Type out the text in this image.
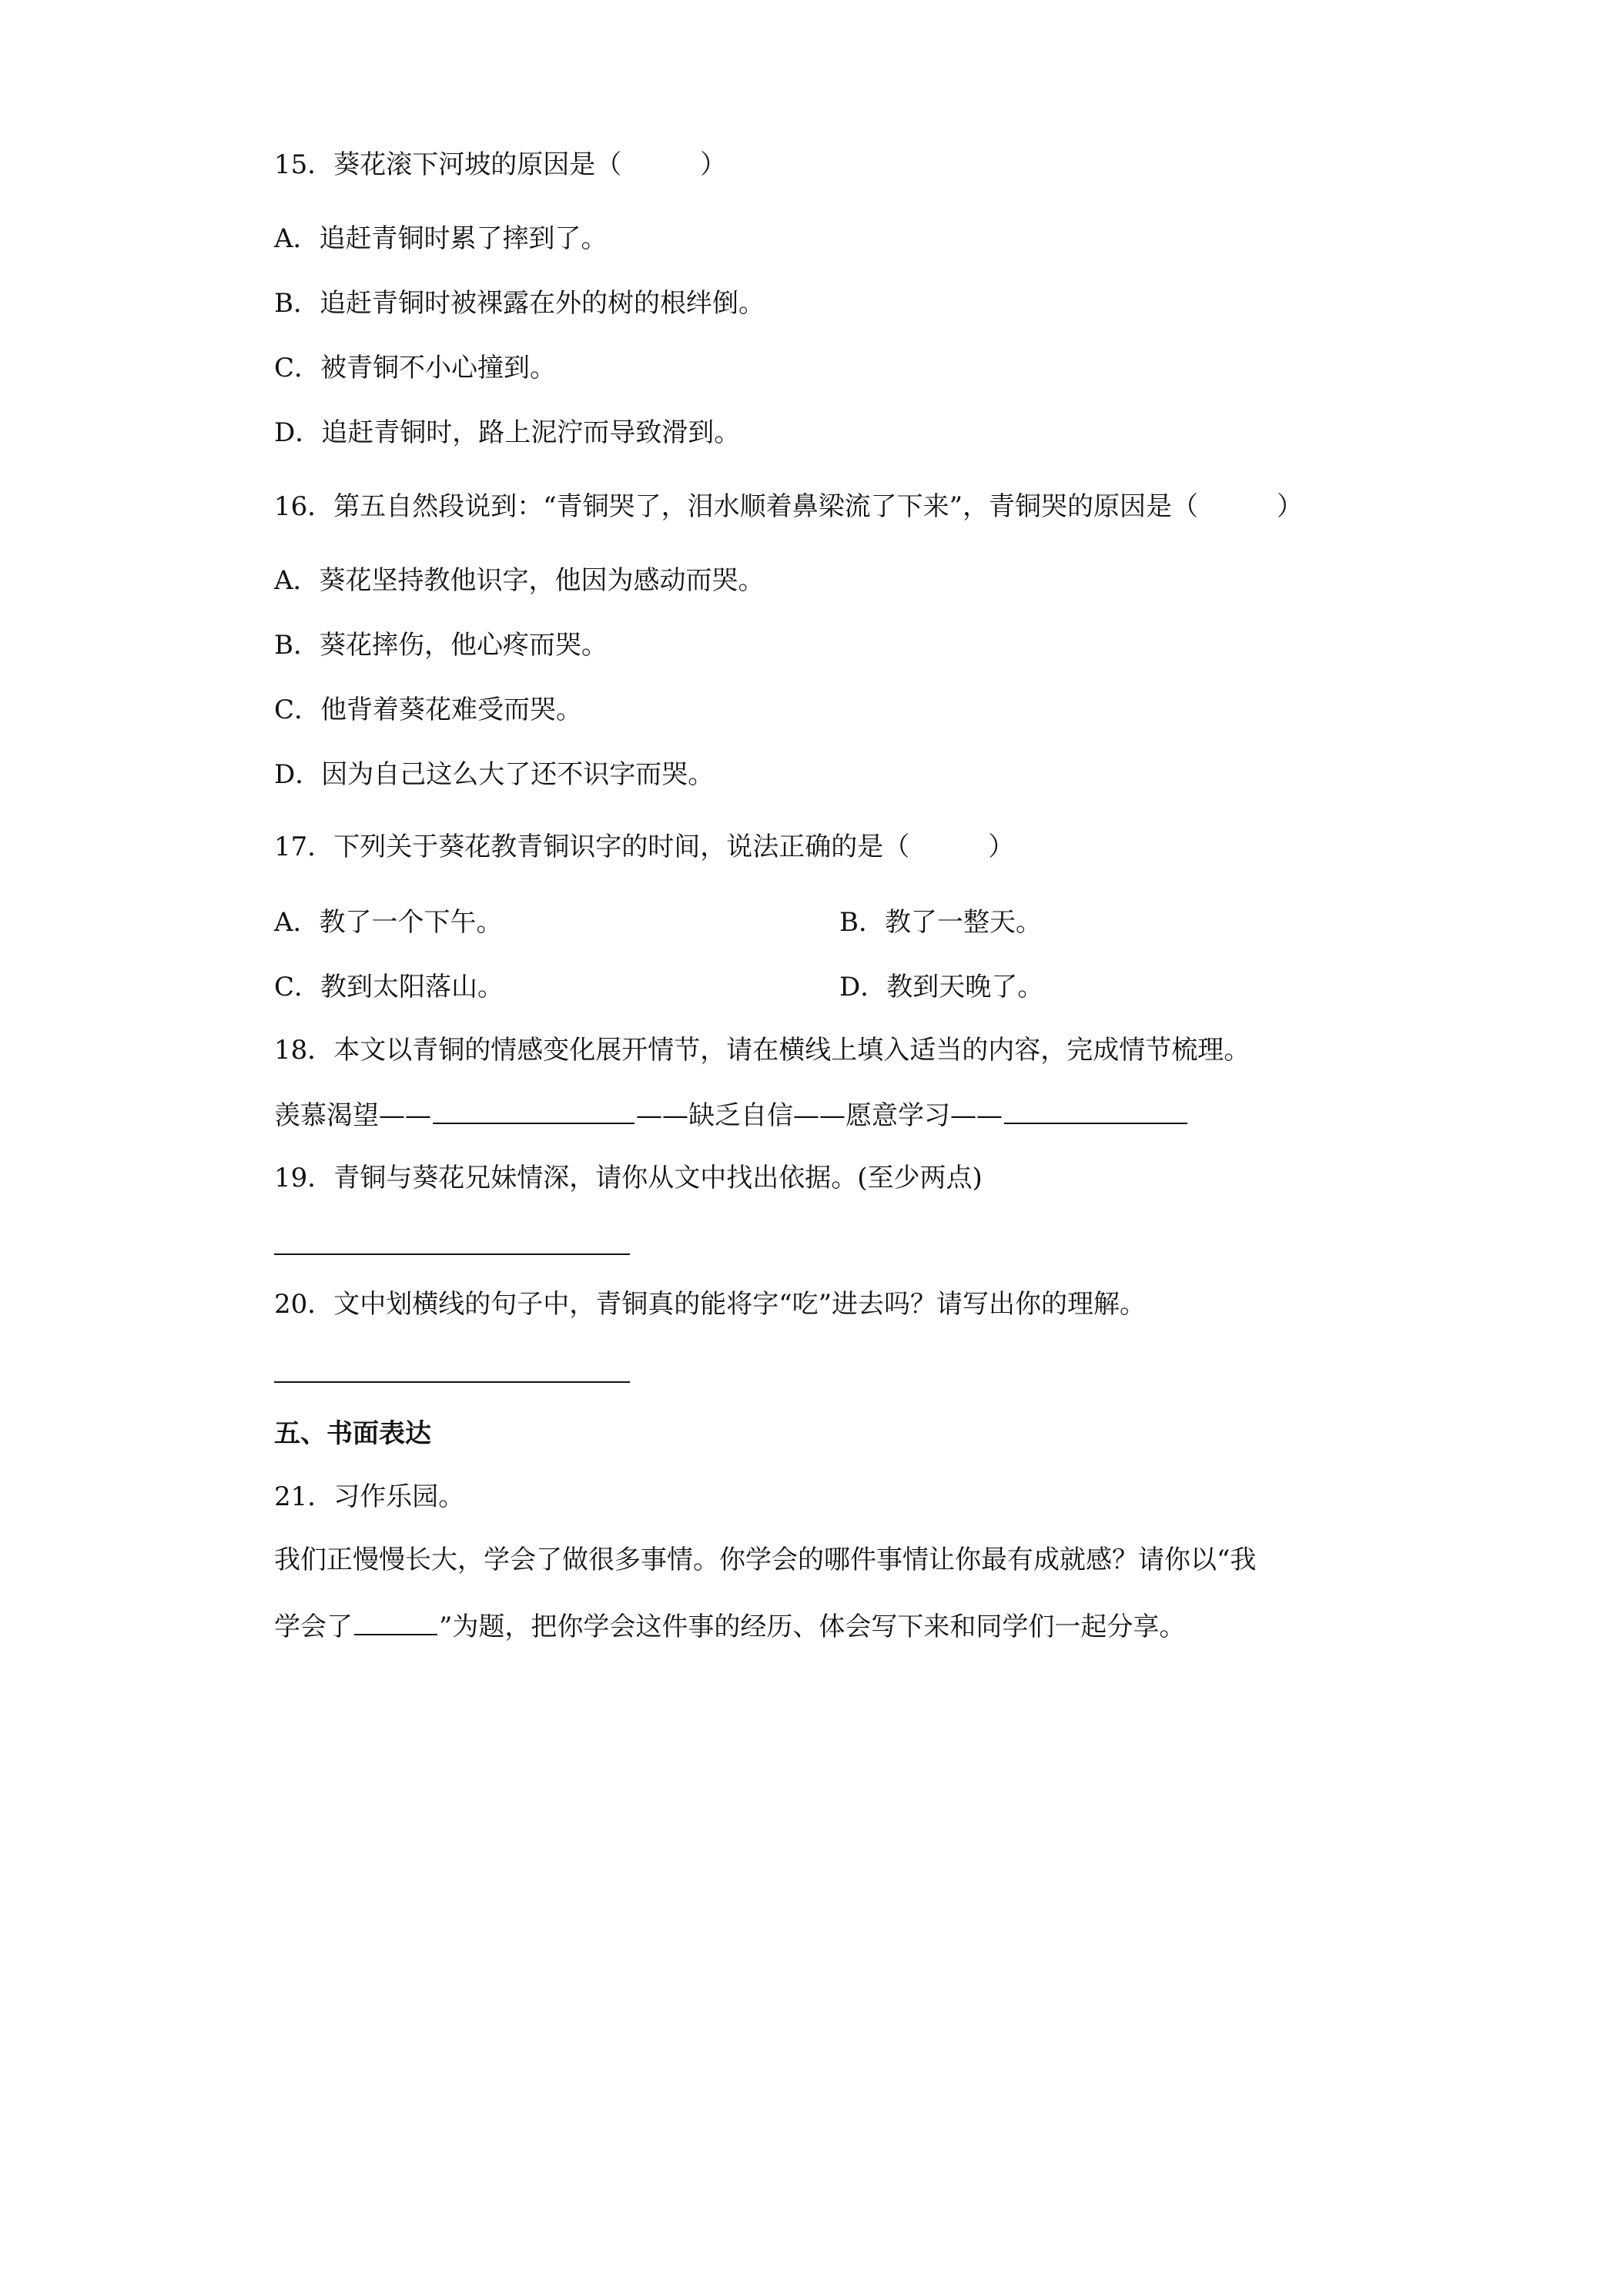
15．葵花滚下河坡的原因是（　　　）
A．追赶青铜时累了摔到了。
B．追赶青铜时被裸露在外的树的根绊倒。
C．被青铜不小心撞到。
D．追赶青铜时，路上泥泞而导致滑到。
16．第五自然段说到：“青铜哭了，泪水顺着鼻梁流了下来”，青铜哭的原因是（　　　）
A．葵花坚持教他识字，他因为感动而哭。
B．葵花摔伤，他心疼而哭。
C．他背着葵花难受而哭。
D．因为自己这么大了还不识字而哭。
17．下列关于葵花教青铜识字的时间，说法正确的是（　　　）
A．教了一个下午。	B．教了一整天。
C．教到太阳落山。	D．教到天晚了。
18．本文以青铜的情感变化展开情节，请在横线上填入适当的内容，完成情节梳理。
羡慕渴望——	——缺乏自信——愿意学习——
19．青铜与葵花兄妹情深，请你从文中找出依据。(至少两点)
20．文中划横线的句子中，青铜真的能将字“吃”进去吗？请写出你的理解。
五、书面表达
21．习作乐园。
我们正慢慢长大，学会了做很多事情。你学会的哪件事情让你最有成就感？请你以“我
学会了	”为题，把你学会这件事的经历、体会写下来和同学们一起分享。
